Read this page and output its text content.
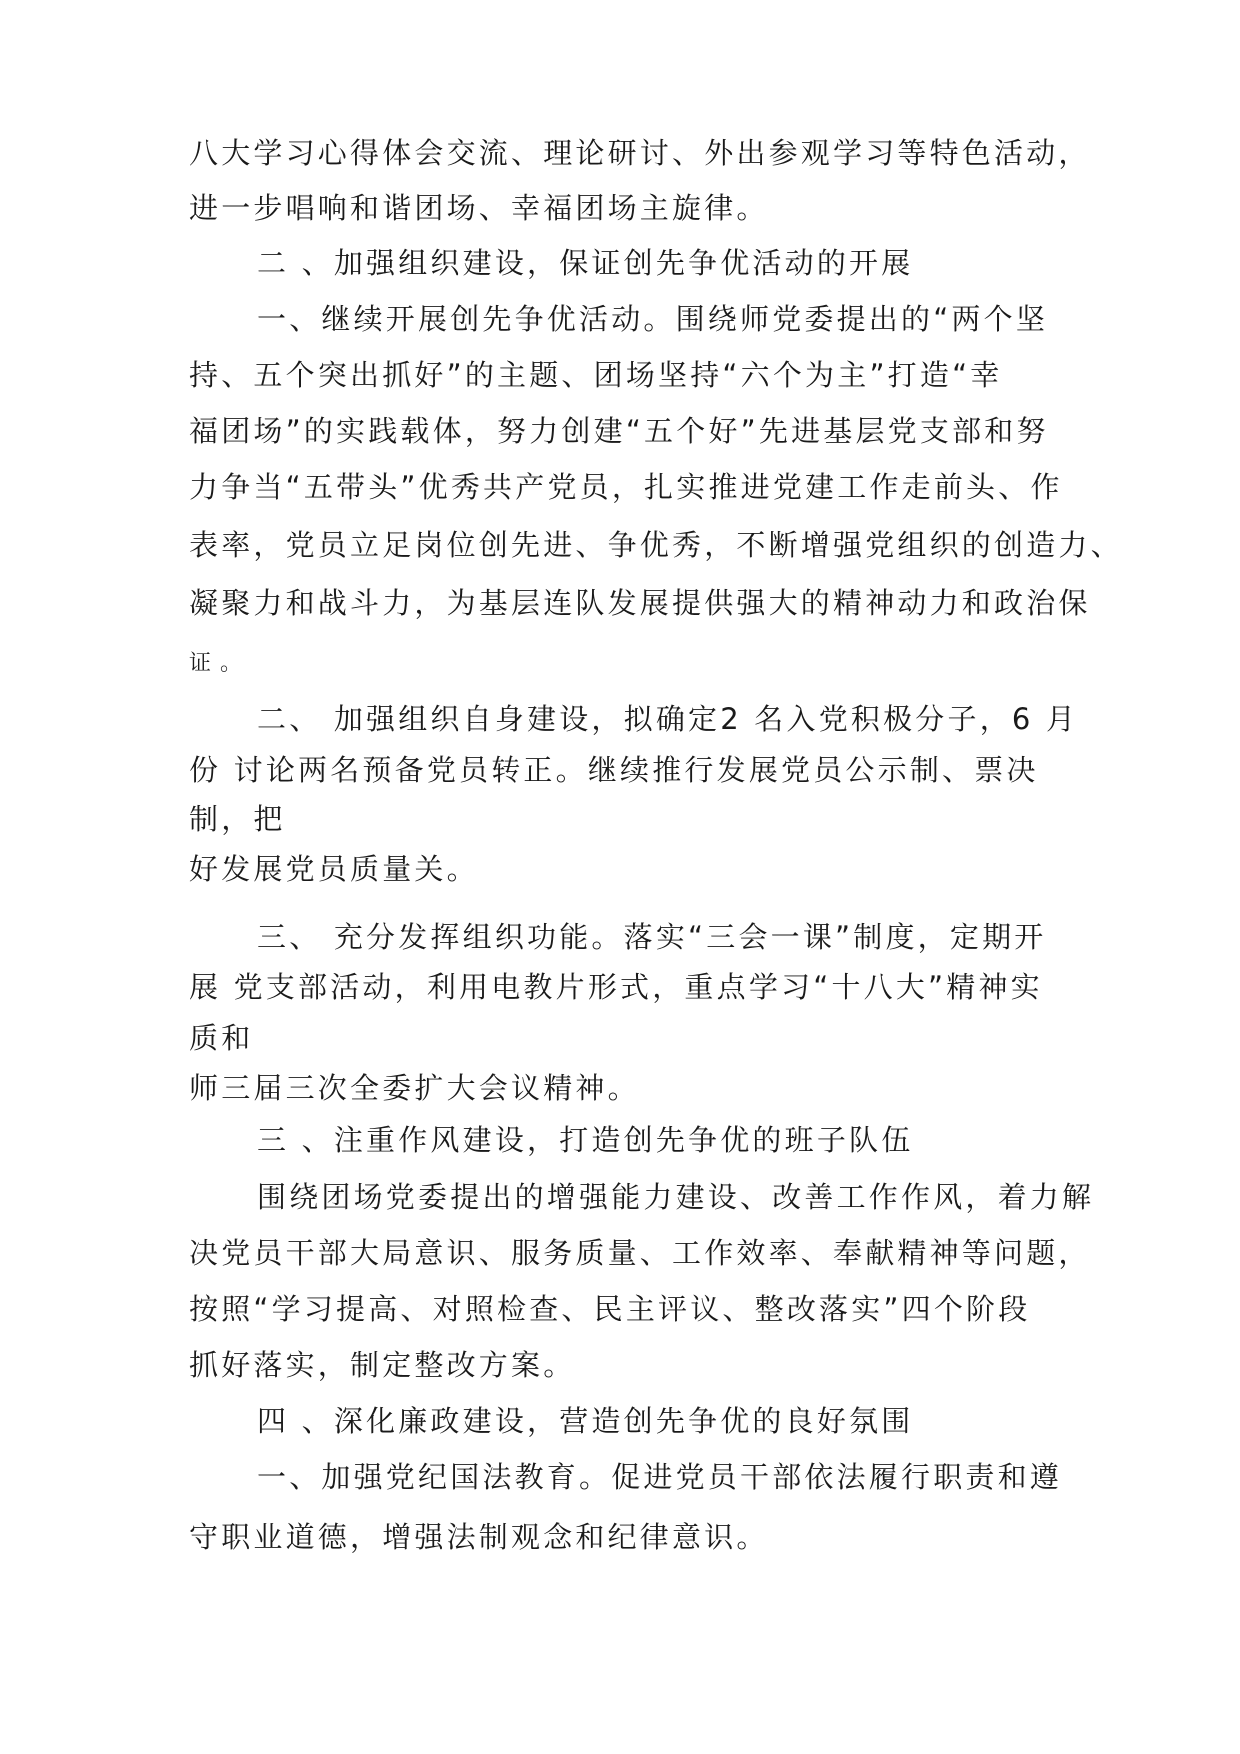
八大学习心得体会交流、理论研讨、外出参观学习等特色活动，
进一步唱响和谐团场、幸福团场主旋律。
二 、加强组织建设，保证创先争优活动的开展
一、继续开展创先争优活动。围绕师党委提出的“两个坚
持、五个突出抓好”的主题、团场坚持“六个为主”打造“幸
福团场”的实践载体，努力创建“五个好”先进基层党支部和努
力争当“五带头”优秀共产党员，扎实推进党建工作走前头、作
表率，党员立足岗位创先进、争优秀，不断增强党组织的创造力、
凝聚力和战斗力，为基层连队发展提供强大的精神动力和政治保
证 。
二、 加强组织自身建设，拟确定2 名入党积极分子，6 月
份 讨论两名预备党员转正。继续推行发展党员公示制、票决
制，把
好发展党员质量关。
三、 充分发挥组织功能。落实“三会一课”制度，定期开
展 党支部活动，利用电教片形式，重点学习“十八大”精神实
质和
师三届三次全委扩大会议精神。
三 、注重作风建设，打造创先争优的班子队伍
围绕团场党委提出的增强能力建设、改善工作作风，着力解
决党员干部大局意识、服务质量、工作效率、奉献精神等问题，
按照“学习提高、对照检查、民主评议、整改落实”四个阶段
抓好落实，制定整改方案。
四 、深化廉政建设，营造创先争优的良好氛围
一、加强党纪国法教育。促进党员干部依法履行职责和遵
守职业道德，增强法制观念和纪律意识。
